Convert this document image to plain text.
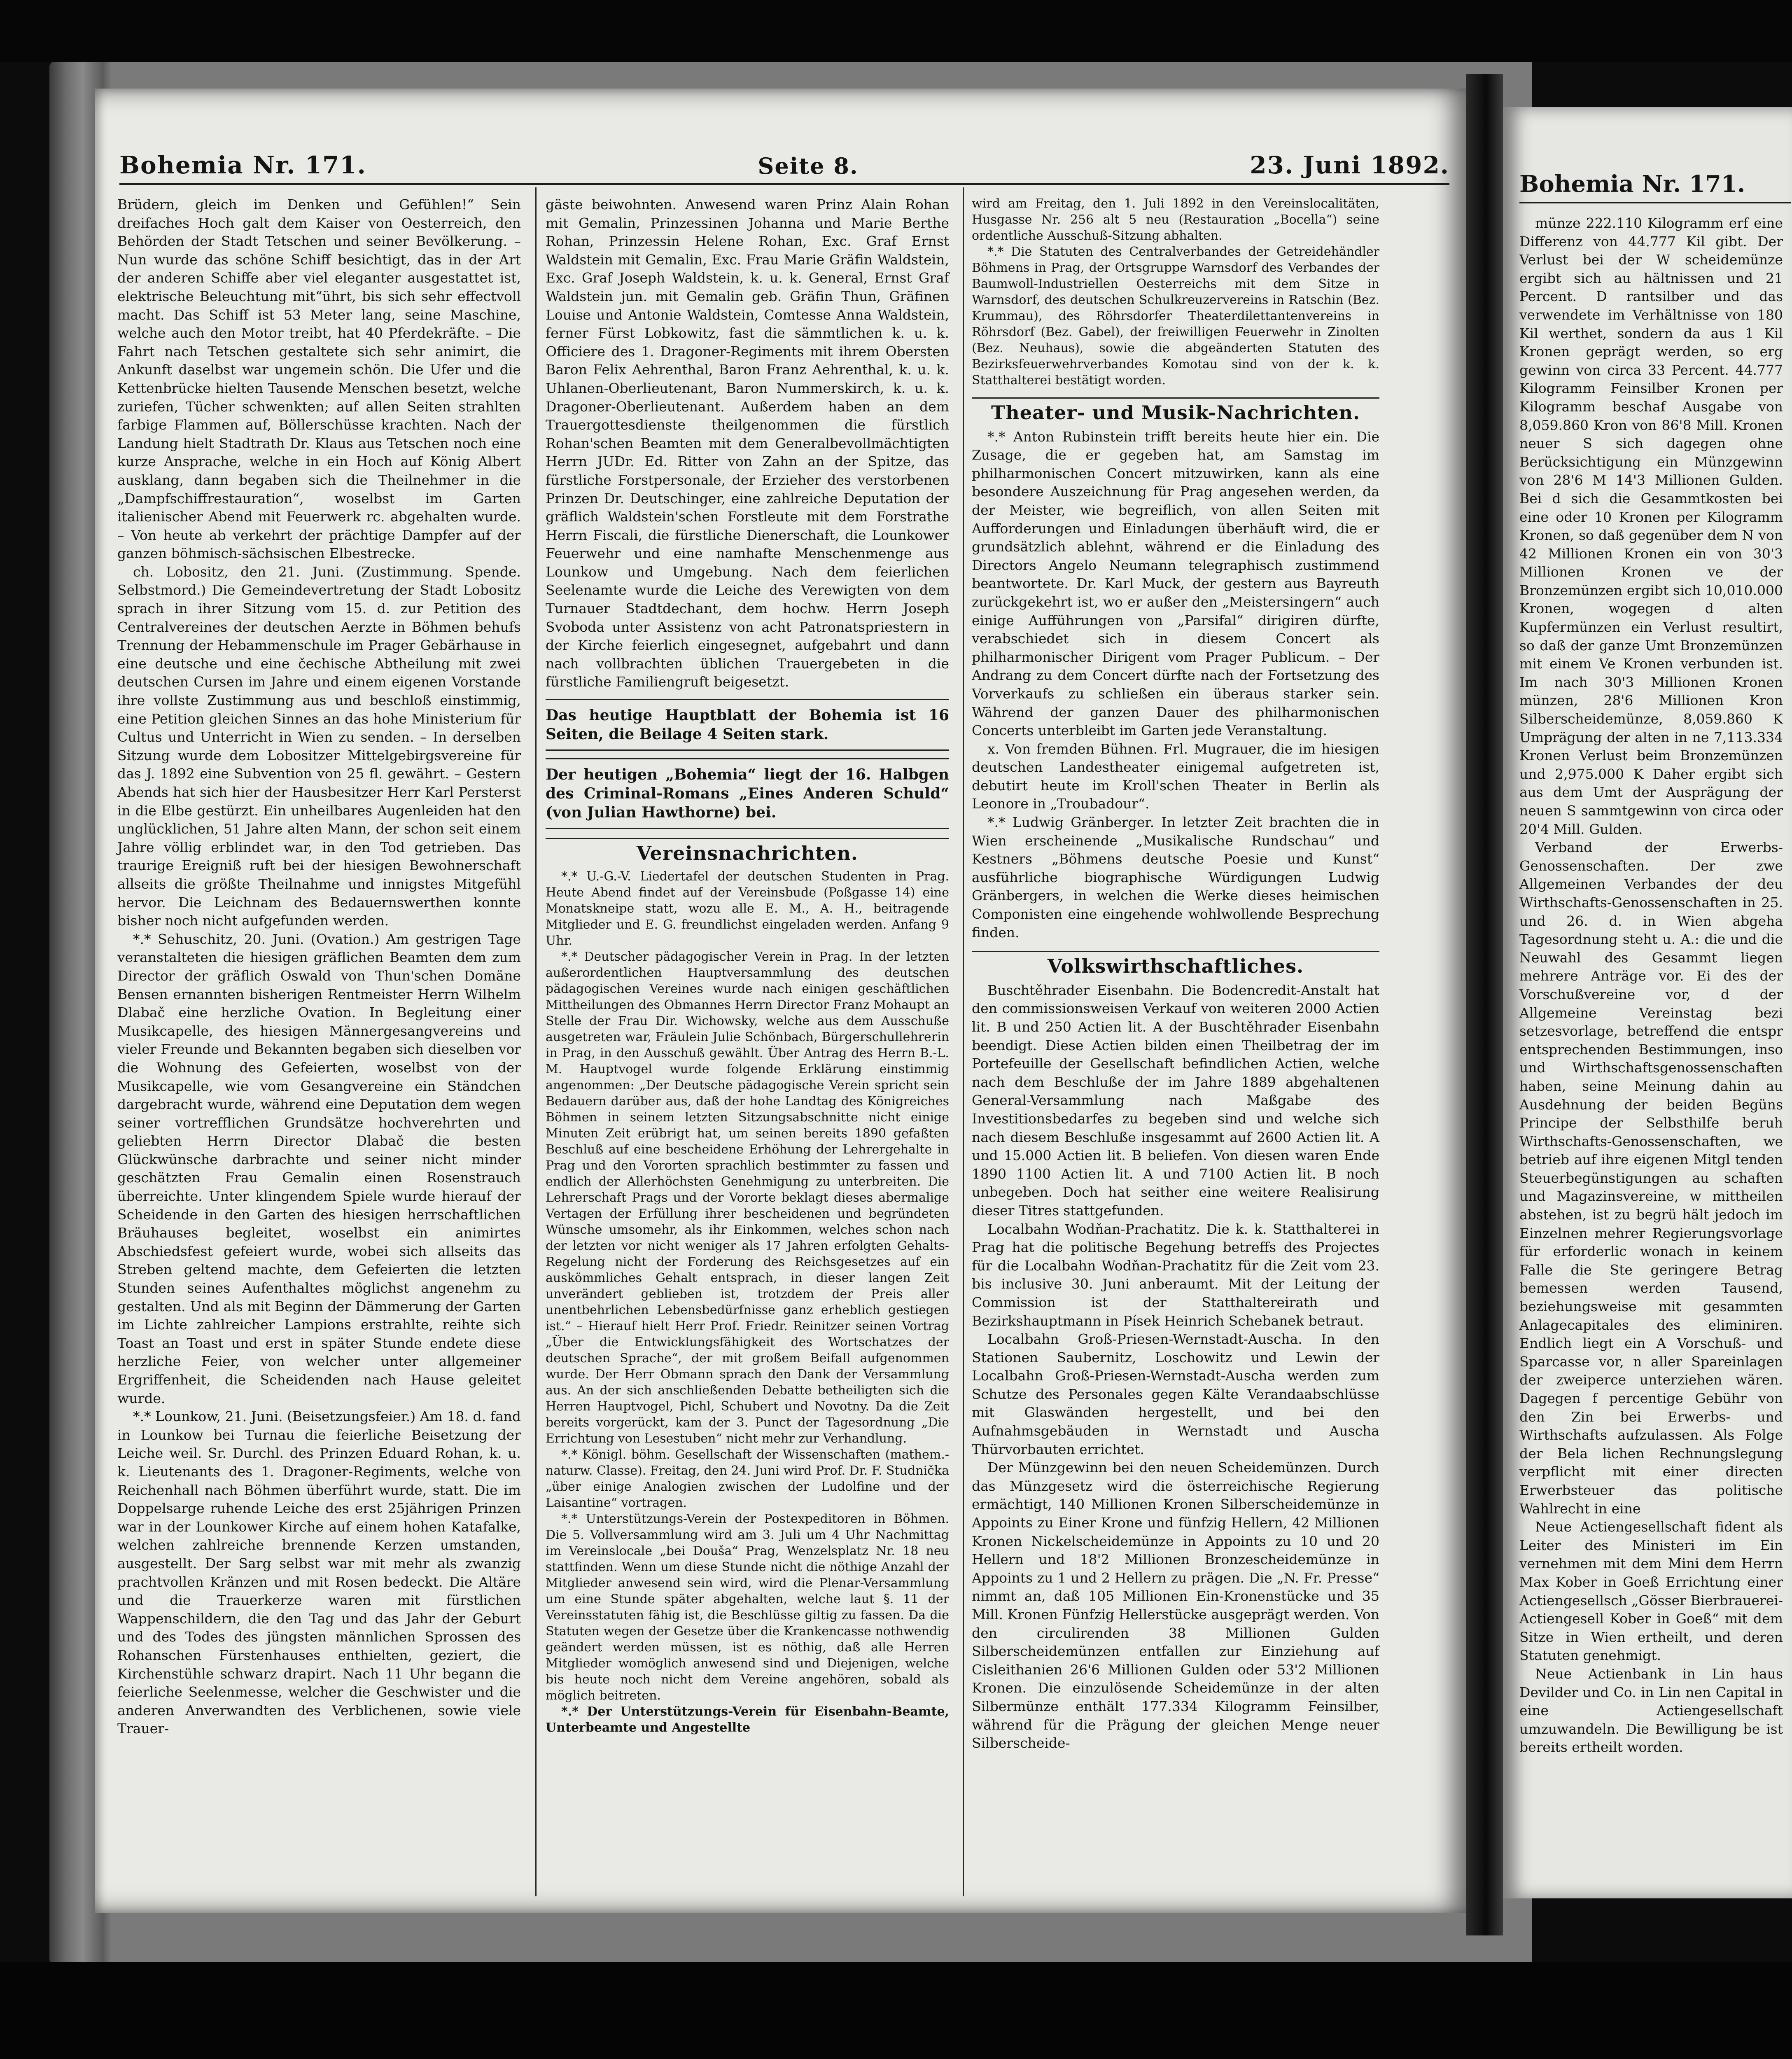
Bohemia Nr. 171.	Seite 8.	23. Juni 1892.

Brüdern, gleich im Denken und Gefühlen!“ Sein dreifaches Hoch galt dem Kaiser von Oesterreich, den Behörden der Stadt Tetschen und seiner Bevölkerung. – Nun wurde das schöne Schiff besichtigt, das in der Art der anderen Schiffe aber viel eleganter ausgestattet ist, elektrische Beleuchtung mit“ührt, bis sich sehr effectvoll macht. Das Schiff ist 53 Meter lang, seine Maschine, welche auch den Motor treibt, hat 40 Pferdekräfte. – Die Fahrt nach Tetschen gestaltete sich sehr animirt, die Ankunft daselbst war ungemein schön. Die Ufer und die Kettenbrücke hielten Tausende Menschen besetzt, welche zuriefen, Tücher schwenkten; auf allen Seiten strahlten farbige Flammen auf, Böllerschüsse krachten. Nach der Landung hielt Stadtrath Dr. Klaus aus Tetschen noch eine kurze Ansprache, welche in ein Hoch auf König Albert ausklang, dann begaben sich die Theilnehmer in die „Dampfschiffrestauration“, woselbst im Garten italienischer Abend mit Feuerwerk rc. abgehalten wurde. – Von heute ab verkehrt der prächtige Dampfer auf der ganzen böhmisch-sächsischen Elbestrecke.

ch. Lobositz, den 21. Juni. (Zustimmung. Spende. Selbstmord.) Die Gemeindevertretung der Stadt Lobositz sprach in ihrer Sitzung vom 15. d. zur Petition des Centralvereines der deutschen Aerzte in Böhmen behufs Trennung der Hebammenschule im Prager Gebärhause in eine deutsche und eine čechische Abtheilung mit zwei deutschen Cursen im Jahre und einem eigenen Vorstande ihre vollste Zustimmung aus und beschloß einstimmig, eine Petition gleichen Sinnes an das hohe Ministerium für Cultus und Unterricht in Wien zu senden. – In derselben Sitzung wurde dem Lobositzer Mittelgebirgsvereine für das J. 1892 eine Subvention von 25 fl. gewährt. – Gestern Abends hat sich hier der Hausbesitzer Herr Karl Persterst in die Elbe gestürzt. Ein unheilbares Augenleiden hat den unglücklichen, 51 Jahre alten Mann, der schon seit einem Jahre völlig erblindet war, in den Tod getrieben. Das traurige Ereigniß ruft bei der hiesigen Bewohnerschaft allseits die größte Theilnahme und innigstes Mitgefühl hervor. Die Leichnam des Bedauernswerthen konnte bisher noch nicht aufgefunden werden.

*.* Sehuschitz, 20. Juni. (Ovation.) Am gestrigen Tage veranstalteten die hiesigen gräflichen Beamten dem zum Director der gräflich Oswald von Thun'schen Domäne Bensen ernannten bisherigen Rentmeister Herrn Wilhelm Dlabač eine herzliche Ovation. In Begleitung einer Musikcapelle, des hiesigen Männergesangvereins und vieler Freunde und Bekannten begaben sich dieselben vor die Wohnung des Gefeierten, woselbst von der Musikcapelle, wie vom Gesangvereine ein Ständchen dargebracht wurde, während eine Deputation dem wegen seiner vortrefflichen Grundsätze hochverehrten und geliebten Herrn Director Dlabač die besten Glückwünsche darbrachte und seiner nicht minder geschätzten Frau Gemalin einen Rosenstrauch überreichte. Unter klingendem Spiele wurde hierauf der Scheidende in den Garten des hiesigen herrschaftlichen Bräuhauses begleitet, woselbst ein animirtes Abschiedsfest gefeiert wurde, wobei sich allseits das Streben geltend machte, dem Gefeierten die letzten Stunden seines Aufenthaltes möglichst angenehm zu gestalten. Und als mit Beginn der Dämmerung der Garten im Lichte zahlreicher Lampions erstrahlte, reihte sich Toast an Toast und erst in später Stunde endete diese herzliche Feier, von welcher unter allgemeiner Ergriffenheit, die Scheidenden nach Hause geleitet wurde.

*.* Lounkow, 21. Juni. (Beisetzungsfeier.) Am 18. d. fand in Lounkow bei Turnau die feierliche Beisetzung der Leiche weil. Sr. Durchl. des Prinzen Eduard Rohan, k. u. k. Lieutenants des 1. Dragoner-Regiments, welche von Reichenhall nach Böhmen überführt wurde, statt. Die im Doppelsarge ruhende Leiche des erst 25jährigen Prinzen war in der Lounkower Kirche auf einem hohen Katafalke, welchen zahlreiche brennende Kerzen umstanden, ausgestellt. Der Sarg selbst war mit mehr als zwanzig prachtvollen Kränzen und mit Rosen bedeckt. Die Altäre und die Trauerkerze waren mit fürstlichen Wappenschildern, die den Tag und das Jahr der Geburt und des Todes des jüngsten männlichen Sprossen des Rohanschen Fürstenhauses enthielten, geziert, die Kirchenstühle schwarz drapirt. Nach 11 Uhr begann die feierliche Seelenmesse, welcher die Geschwister und die anderen Anverwandten des Verblichenen, sowie viele Trauer-

gäste beiwohnten. Anwesend waren Prinz Alain Rohan mit Gemalin, Prinzessinen Johanna und Marie Berthe Rohan, Prinzessin Helene Rohan, Exc. Graf Ernst Waldstein mit Gemalin, Exc. Frau Marie Gräfin Waldstein, Exc. Graf Joseph Waldstein, k. u. k. General, Ernst Graf Waldstein jun. mit Gemalin geb. Gräfin Thun, Gräfinen Louise und Antonie Waldstein, Comtesse Anna Waldstein, ferner Fürst Lobkowitz, fast die sämmtlichen k. u. k. Officiere des 1. Dragoner-Regiments mit ihrem Obersten Baron Felix Aehrenthal, Baron Franz Aehrenthal, k. u. k. Uhlanen-Oberlieutenant, Baron Nummerskirch, k. u. k. Dragoner-Oberlieutenant. Außerdem haben an dem Trauergottesdienste theilgenommen die fürstlich Rohan'schen Beamten mit dem Generalbevollmächtigten Herrn JUDr. Ed. Ritter von Zahn an der Spitze, das fürstliche Forstpersonale, der Erzieher des verstorbenen Prinzen Dr. Deutschinger, eine zahlreiche Deputation der gräflich Waldstein'schen Forstleute mit dem Forstrathe Herrn Fiscali, die fürstliche Dienerschaft, die Lounkower Feuerwehr und eine namhafte Menschenmenge aus Lounkow und Umgebung. Nach dem feierlichen Seelenamte wurde die Leiche des Verewigten von dem Turnauer Stadtdechant, dem hochw. Herrn Joseph Svoboda unter Assistenz von acht Patronatspriestern in der Kirche feierlich eingesegnet, aufgebahrt und dann nach vollbrachten üblichen Trauergebeten in die fürstliche Familiengruft beigesetzt.

Das heutige Hauptblatt der Bohemia ist 16 Seiten, die Beilage 4 Seiten stark.
Der heutigen „Bohemia“ liegt der 16. Halbgen des Criminal-Romans „Eines Anderen Schuld“ (von Julian Hawthorne) bei.
Vereinsnachrichten.

*.* U.-G.-V. Liedertafel der deutschen Studenten in Prag. Heute Abend findet auf der Vereinsbude (Poßgasse 14) eine Monatskneipe statt, wozu alle E. M., A. H., beitragende Mitglieder und E. G. freundlichst eingeladen werden. Anfang 9 Uhr.

*.* Deutscher pädagogischer Verein in Prag. In der letzten außerordentlichen Hauptversammlung des deutschen pädagogischen Vereines wurde nach einigen geschäftlichen Mittheilungen des Obmannes Herrn Director Franz Mohaupt an Stelle der Frau Dir. Wichowsky, welche aus dem Ausschuße ausgetreten war, Fräulein Julie Schönbach, Bürgerschullehrerin in Prag, in den Ausschuß gewählt. Über Antrag des Herrn B.-L. M. Hauptvogel wurde folgende Erklärung einstimmig angenommen: „Der Deutsche pädagogische Verein spricht sein Bedauern darüber aus, daß der hohe Landtag des Königreiches Böhmen in seinem letzten Sitzungsabschnitte nicht einige Minuten Zeit erübrigt hat, um seinen bereits 1890 gefaßten Beschluß auf eine bescheidene Erhöhung der Lehrergehalte in Prag und den Vororten sprachlich bestimmter zu fassen und endlich der Allerhöchsten Genehmigung zu unterbreiten. Die Lehrerschaft Prags und der Vororte beklagt dieses abermalige Vertagen der Erfüllung ihrer bescheidenen und begründeten Wünsche umsomehr, als ihr Einkommen, welches schon nach der letzten vor nicht weniger als 17 Jahren erfolgten Gehalts-Regelung nicht der Forderung des Reichsgesetzes auf ein auskömmliches Gehalt entsprach, in dieser langen Zeit unverändert geblieben ist, trotzdem der Preis aller unentbehrlichen Lebensbedürfnisse ganz erheblich gestiegen ist.“ – Hierauf hielt Herr Prof. Friedr. Reinitzer seinen Vortrag „Über die Entwicklungsfähigkeit des Wortschatzes der deutschen Sprache“, der mit großem Beifall aufgenommen wurde. Der Herr Obmann sprach den Dank der Versammlung aus. An der sich anschließenden Debatte betheiligten sich die Herren Hauptvogel, Pichl, Schubert und Novotny. Da die Zeit bereits vorgerückt, kam der 3. Punct der Tagesordnung „Die Errichtung von Lesestuben“ nicht mehr zur Verhandlung.

*.* Königl. böhm. Gesellschaft der Wissenschaften (mathem.-naturw. Classe). Freitag, den 24. Juni wird Prof. Dr. F. Studnička „über einige Analogien zwischen der Ludolfine und der Laisantine“ vortragen.

*.* Unterstützungs-Verein der Postexpeditoren in Böhmen. Die 5. Vollversammlung wird am 3. Juli um 4 Uhr Nachmittag im Vereinslocale „bei Douša“ Prag, Wenzelsplatz Nr. 18 neu stattfinden. Wenn um diese Stunde nicht die nöthige Anzahl der Mitglieder anwesend sein wird, wird die Plenar-Versammlung um eine Stunde später abgehalten, welche laut §. 11 der Vereinsstatuten fähig ist, die Beschlüsse giltig zu fassen. Da die Statuten wegen der Gesetze über die Krankencasse nothwendig geändert werden müssen, ist es nöthig, daß alle Herren Mitglieder womöglich anwesend sind und Diejenigen, welche bis heute noch nicht dem Vereine angehören, sobald als möglich beitreten.

*.* Der Unterstützungs-Verein für Eisenbahn-Beamte, Unterbeamte und Angestellte

wird am Freitag, den 1. Juli 1892 in den Vereinslocalitäten, Husgasse Nr. 256 alt 5 neu (Restauration „Bocella“) seine ordentliche Ausschuß-Sitzung abhalten.

*.* Die Statuten des Centralverbandes der Getreidehändler Böhmens in Prag, der Ortsgruppe Warnsdorf des Verbandes der Baumwoll-Industriellen Oesterreichs mit dem Sitze in Warnsdorf, des deutschen Schulkreuzervereins in Ratschin (Bez. Krummau), des Röhrsdorfer Theaterdilettantenvereins in Röhrsdorf (Bez. Gabel), der freiwilligen Feuerwehr in Zinolten (Bez. Neuhaus), sowie die abgeänderten Statuten des Bezirksfeuerwehrverbandes Komotau sind von der k. k. Statthalterei bestätigt worden.

Theater- und Musik-Nachrichten.

*.* Anton Rubinstein trifft bereits heute hier ein. Die Zusage, die er gegeben hat, am Samstag im philharmonischen Concert mitzuwirken, kann als eine besondere Auszeichnung für Prag angesehen werden, da der Meister, wie begreiflich, von allen Seiten mit Aufforderungen und Einladungen überhäuft wird, die er grundsätzlich ablehnt, während er die Einladung des Directors Angelo Neumann telegraphisch zustimmend beantwortete. Dr. Karl Muck, der gestern aus Bayreuth zurückgekehrt ist, wo er außer den „Meistersingern“ auch einige Aufführungen von „Parsifal“ dirigiren dürfte, verabschiedet sich in diesem Concert als philharmonischer Dirigent vom Prager Publicum. – Der Andrang zu dem Concert dürfte nach der Fortsetzung des Vorverkaufs zu schließen ein überaus starker sein. Während der ganzen Dauer des philharmonischen Concerts unterbleibt im Garten jede Veranstaltung.

x. Von fremden Bühnen. Frl. Mugrauer, die im hiesigen deutschen Landestheater einigemal aufgetreten ist, debutirt heute im Kroll'schen Theater in Berlin als Leonore in „Troubadour“.

*.* Ludwig Gränberger. In letzter Zeit brachten die in Wien erscheinende „Musikalische Rundschau“ und Kestners „Böhmens deutsche Poesie und Kunst“ ausführliche biographische Würdigungen Ludwig Gränbergers, in welchen die Werke dieses heimischen Componisten eine eingehende wohlwollende Besprechung finden.

Volkswirthschaftliches.

Buschtěhrader Eisenbahn. Die Bodencredit-Anstalt hat den commissionsweisen Verkauf von weiteren 2000 Actien lit. B und 250 Actien lit. A der Buschtěhrader Eisenbahn beendigt. Diese Actien bilden einen Theilbetrag der im Portefeuille der Gesellschaft befindlichen Actien, welche nach dem Beschluße der im Jahre 1889 abgehaltenen General-Versammlung nach Maßgabe des Investitionsbedarfes zu begeben sind und welche sich nach diesem Beschluße insgesammt auf 2600 Actien lit. A und 15.000 Actien lit. B beliefen. Von diesen waren Ende 1890 1100 Actien lit. A und 7100 Actien lit. B noch unbegeben. Doch hat seither eine weitere Realisirung dieser Titres stattgefunden.

Localbahn Wodňan-Prachatitz. Die k. k. Statthalterei in Prag hat die politische Begehung betreffs des Projectes für die Localbahn Wodňan-Prachatitz für die Zeit vom 23. bis inclusive 30. Juni anberaumt. Mit der Leitung der Commission ist der Statthaltereirath und Bezirkshauptmann in Písek Heinrich Schebanek betraut.

Localbahn Groß-Priesen-Wernstadt-Auscha. In den Stationen Saubernitz, Loschowitz und Lewin der Localbahn Groß-Priesen-Wernstadt-Auscha werden zum Schutze des Personales gegen Kälte Verandaabschlüsse mit Glaswänden hergestellt, und bei den Aufnahmsgebäuden in Wernstadt und Auscha Thürvorbauten errichtet.

Der Münzgewinn bei den neuen Scheidemünzen. Durch das Münzgesetz wird die österreichische Regierung ermächtigt, 140 Millionen Kronen Silberscheidemünze in Appoints zu Einer Krone und fünfzig Hellern, 42 Millionen Kronen Nickelscheidemünze in Appoints zu 10 und 20 Hellern und 18'2 Millionen Bronzescheidemünze in Appoints zu 1 und 2 Hellern zu prägen. Die „N. Fr. Presse“ nimmt an, daß 105 Millionen Ein-Kronenstücke und 35 Mill. Kronen Fünfzig Hellerstücke ausgeprägt werden. Von den circulirenden 38 Millionen Gulden Silberscheidemünzen entfallen zur Einziehung auf Cisleithanien 26'6 Millionen Gulden oder 53'2 Millionen Kronen. Die einzulösende Scheidemünze in der alten Silbermünze enthält 177.334 Kilogramm Feinsilber, während für die Prägung der gleichen Menge neuer Silberscheide-

Bohemia Nr. 171.

münze 222.110 Kilogramm erf eine Differenz von 44.777 Kil gibt. Der Verlust bei der W scheidemünze ergibt sich au hältnissen und 21 Percent. D rantsilber und das verwendete im Verhältnisse von 180 Kil werthet, sondern da aus 1 Kil Kronen geprägt werden, so erg gewinn von circa 33 Percent. 44.777 Kilogramm Feinsilber Kronen per Kilogramm beschaf Ausgabe von 8,059.860 Kron von 86'8 Mill. Kronen neuer S sich dagegen ohne Berücksichtigung ein Münzgewinn von 28'6 M 14'3 Millionen Gulden. Bei d sich die Gesammtkosten bei eine oder 10 Kronen per Kilogramm Kronen, so daß gegenüber dem N von 42 Millionen Kronen ein von 30'3 Millionen Kronen ve der Bronzemünzen ergibt sich 10,010.000 Kronen, wogegen d alten Kupfermünzen ein Verlust resultirt, so daß der ganze Umt Bronzemünzen mit einem Ve Kronen verbunden ist. Im nach 30'3 Millionen Kronen münzen, 28'6 Millionen Kron Silberscheidemünze, 8,059.860 K Umprägung der alten in ne 7,113.334 Kronen Verlust beim Bronzemünzen und 2,975.000 K Daher ergibt sich aus dem Umt der Ausprägung der neuen S sammtgewinn von circa oder 20'4 Mill. Gulden.

Verband der Erwerbs- Genossenschaften. Der zwe Allgemeinen Verbandes der deu Wirthschafts-Genossenschaften in 25. und 26. d. in Wien abgeha Tagesordnung steht u. A.: die und die Neuwahl des Gesammt liegen mehrere Anträge vor. Ei des der Vorschußvereine vor, d der Allgemeine Vereinstag bezi setzesvorlage, betreffend die entspr entsprechenden Bestimmungen, inso und Wirthschaftsgenossenschaften haben, seine Meinung dahin au Ausdehnung der beiden Begüns Principe der Selbsthilfe beruh Wirthschafts-Genossenschaften, we betrieb auf ihre eigenen Mitgl tenden Steuerbegünstigungen au schaften und Magazinsvereine, w mittheilen abstehen, ist zu begrü hält jedoch im Einzelnen mehrer Regierungsvorlage für erforderlic wonach in keinem Falle die Ste geringere Betrag bemessen werden Tausend, beziehungsweise mit gesammten Anlagecapitales des eliminiren. Endlich liegt ein A Vorschuß- und Sparcasse vor, n aller Spareinlagen der zweiperce unterziehen wären. Dagegen f percentige Gebühr von den Zin bei Erwerbs- und Wirthschafts aufzulassen. Als Folge der Bela lichen Rechnungslegung verpflicht mit einer directen Erwerbsteuer das politische Wahlrecht in eine

Neue Actiengesellschaft fident als Leiter des Ministeri im Ein vernehmen mit dem Mini dem Herrn Max Kober in Goeß Errichtung einer Actiengesellsch „Gösser Bierbrauerei-Actiengesell Kober in Goeß“ mit dem Sitze in Wien ertheilt, und deren Statuten genehmigt.

Neue Actienbank in Lin haus Devilder und Co. in Lin nen Capital in eine Actiengesellschaft umzuwandeln. Die Bewilligung be ist bereits ertheilt worden.
